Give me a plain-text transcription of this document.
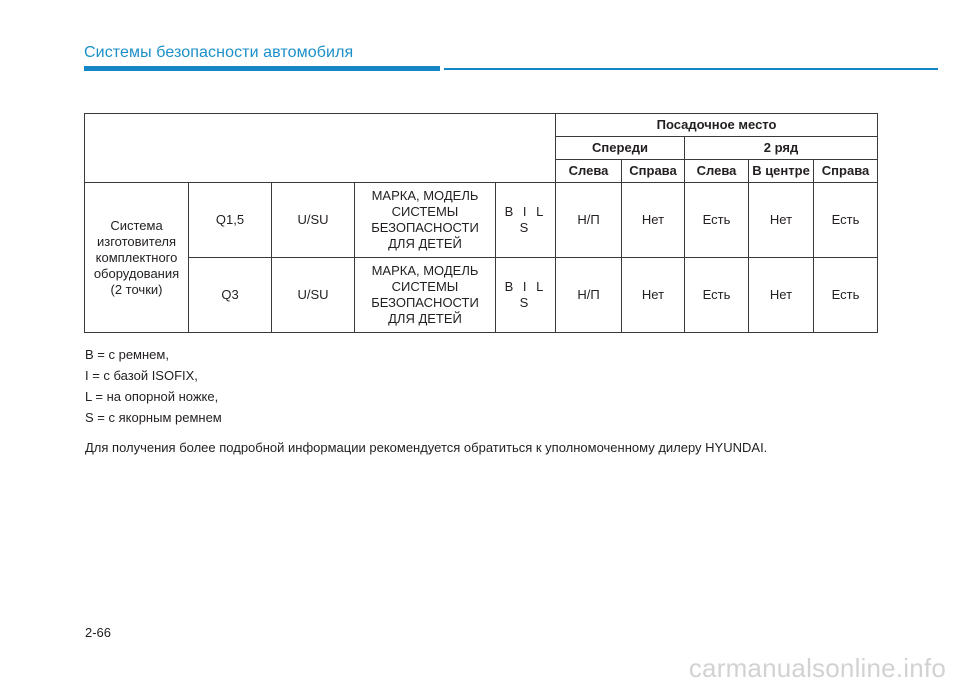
Системы безопасности автомобиля
					Посадочное место				
					Спереди		2 ряд		
					Слева	Справа	Слева	В центре	Справа
Система изготовителя комплектного оборудования (2 точки)	Q1,5	U/SU	МАРКА, МОДЕЛЬ СИСТЕМЫ БЕЗОПАСНОСТИ ДЛЯ ДЕТЕЙ	B I L S	Н/П	Нет	Есть	Нет	Есть
	Q3	U/SU	МАРКА, МОДЕЛЬ СИСТЕМЫ БЕЗОПАСНОСТИ ДЛЯ ДЕТЕЙ	B I L S	Н/П	Нет	Есть	Нет	Есть
B = с ремнем,
I = с базой ISOFIX,
L = на опорной ножке,
S = с якорным ремнем
Для получения более подробной информации рекомендуется обратиться к уполномоченному дилеру HYUNDAI.
2-66
carmanualsonline.info
